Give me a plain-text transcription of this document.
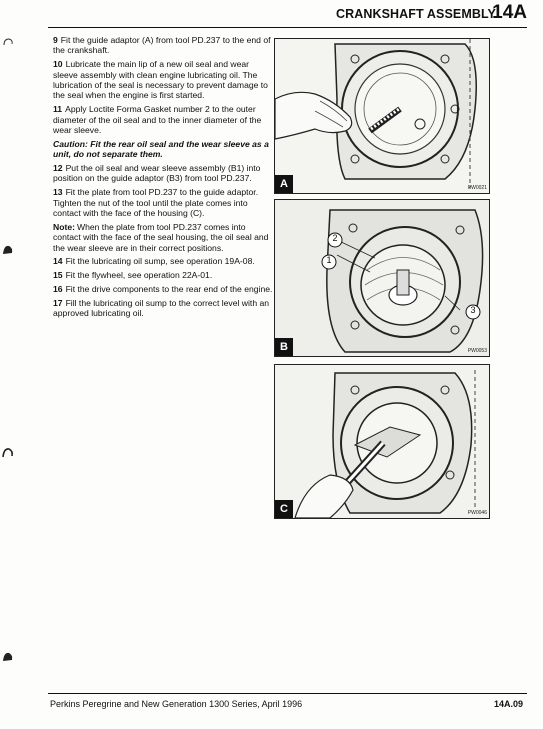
CRANKSHAFT ASSEMBLY
14A

9 Fit the guide adaptor (A) from tool PD.237 to the end of the crankshaft.

10 Lubricate the main lip of a new oil seal and wear sleeve assembly with clean engine lubricating oil. The lubrication of the seal is necessary to prevent damage to the seal when the engine is first started.

11 Apply Loctite Forma Gasket number 2 to the outer diameter of the oil seal and to the inner diameter of the wear sleeve.

Caution: Fit the rear oil seal and the wear sleeve as a unit, do not separate them.

12 Put the oil seal and wear sleeve assembly (B1) into position on the guide adaptor (B3) from tool PD.237.

13 Fit the plate from tool PD.237 to the guide adaptor. Tighten the nut of the tool until the plate comes into contact with the face of the housing (C).

Note: When the plate from tool PD.237 comes into contact with the face of the seal housing, the oil seal and the wear sleeve are in their correct positions.

14 Fit the lubricating oil sump, see operation 19A-08.

15 Fit the flywheel, see operation 22A-01.

16 Fit the drive components to the rear end of the engine.

17 Fill the lubricating oil sump to the correct level with an approved lubricating oil.

A	PW0021
2
1
3
B	PW0053
C	PW0046
Perkins Peregrine and New Generation 1300 Series, April 1996	14A.09
